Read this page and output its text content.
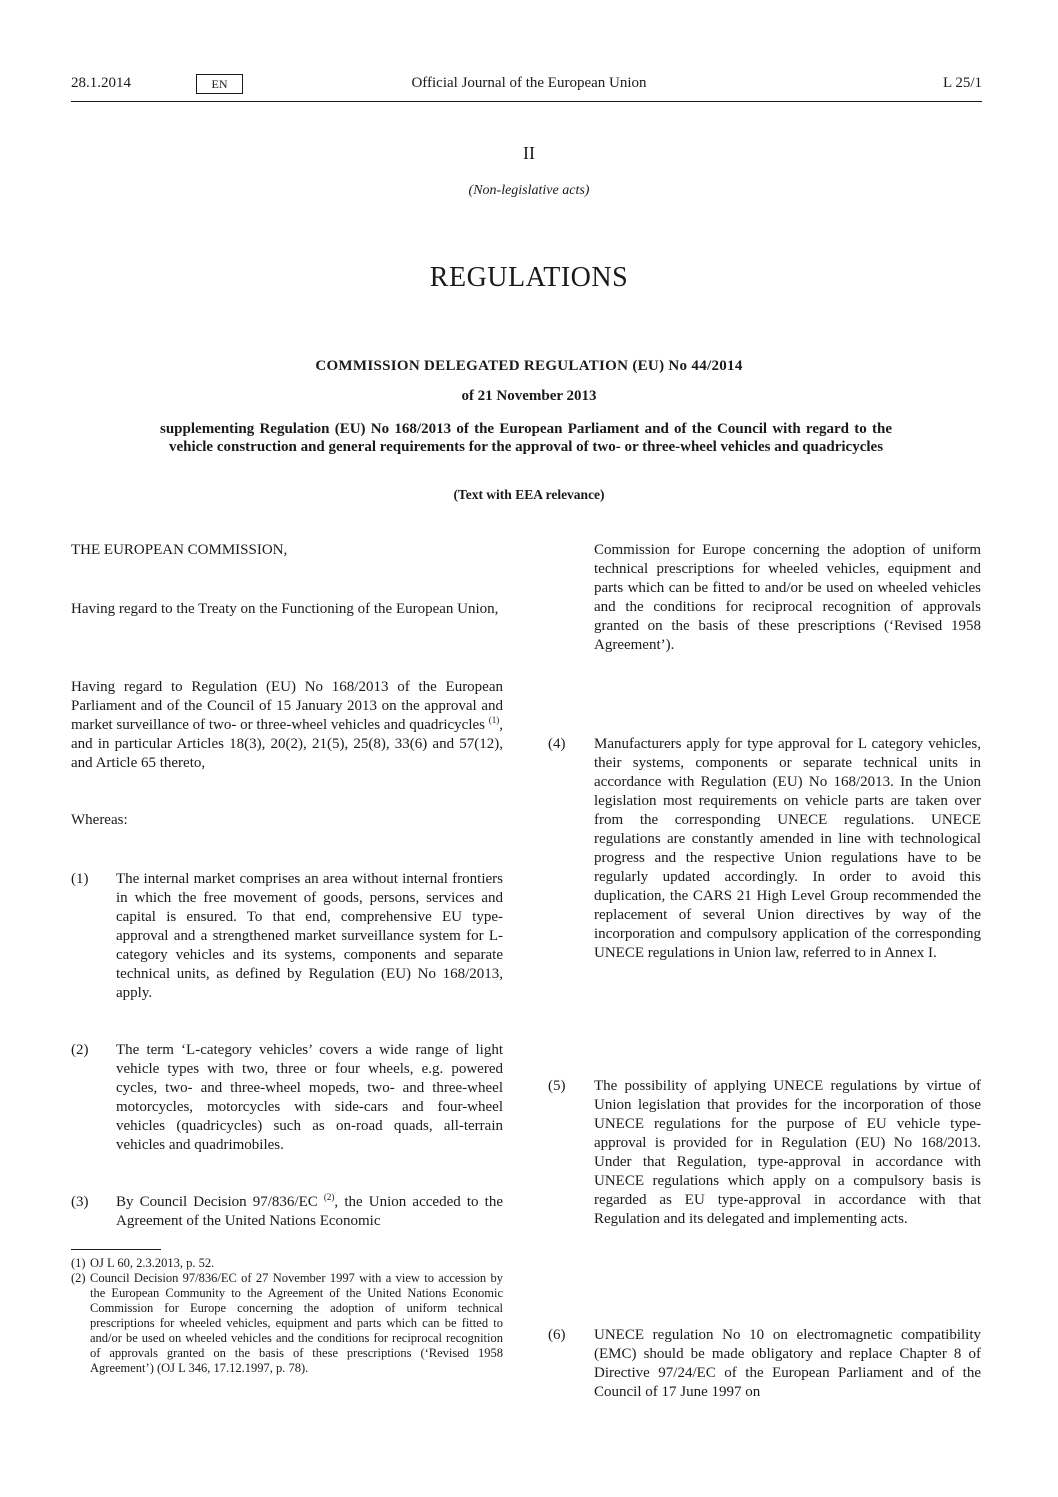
28.1.2014	EN	Official Journal of the European Union	L 25/1
II
(Non-legislative acts)
REGULATIONS
COMMISSION DELEGATED REGULATION (EU) No 44/2014
of 21 November 2013
supplementing Regulation (EU) No 168/2013 of the European Parliament and of the Council with regard to the vehicle construction and general requirements for the approval of two- or three-wheel vehicles and quadricycles
(Text with EEA relevance)
THE EUROPEAN COMMISSION,
Having regard to the Treaty on the Functioning of the European Union,
Having regard to Regulation (EU) No 168/2013 of the European Parliament and of the Council of 15 January 2013 on the approval and market surveillance of two- or three-wheel vehicles and quadricycles $^{(1)}$, and in particular Articles 18(3), 20(2), 21(5), 25(8), 33(6) and 57(12), and Article 65 thereto,
Whereas:
(1) The internal market comprises an area without internal frontiers in which the free movement of goods, persons, services and capital is ensured. To that end, comprehensive EU type-approval and a strengthened market surveillance system for L-category vehicles and its systems, components and separate technical units, as defined by Regulation (EU) No 168/2013, apply.
(2) The term ‘L-category vehicles’ covers a wide range of light vehicle types with two, three or four wheels, e.g. powered cycles, two- and three-wheel mopeds, two- and three-wheel motorcycles, motorcycles with side-cars and four-wheel vehicles (quadricycles) such as on-road quads, all-terrain vehicles and quadrimobiles.
(3) By Council Decision 97/836/EC $^{(2)}$, the Union acceded to the Agreement of the United Nations Economic
(1) OJ L 60, 2.3.2013, p. 52.
(2) Council Decision 97/836/EC of 27 November 1997 with a view to accession by the European Community to the Agreement of the United Nations Economic Commission for Europe concerning the adoption of uniform technical prescriptions for wheeled vehicles, equipment and parts which can be fitted to and/or be used on wheeled vehicles and the conditions for reciprocal recognition of approvals granted on the basis of these prescriptions (‘Revised 1958 Agreement’) (OJ L 346, 17.12.1997, p. 78).
Commission for Europe concerning the adoption of uniform technical prescriptions for wheeled vehicles, equipment and parts which can be fitted to and/or be used on wheeled vehicles and the conditions for reciprocal recognition of approvals granted on the basis of these prescriptions (‘Revised 1958 Agreement’).
(4) Manufacturers apply for type approval for L category vehicles, their systems, components or separate technical units in accordance with Regulation (EU) No 168/2013. In the Union legislation most requirements on vehicle parts are taken over from the corresponding UNECE regulations. UNECE regulations are constantly amended in line with technological progress and the respective Union regulations have to be regularly updated accordingly. In order to avoid this duplication, the CARS 21 High Level Group recommended the replacement of several Union directives by way of the incorporation and compulsory application of the corresponding UNECE regulations in Union law, referred to in Annex I.
(5) The possibility of applying UNECE regulations by virtue of Union legislation that provides for the incorporation of those UNECE regulations for the purpose of EU vehicle type-approval is provided for in Regulation (EU) No 168/2013. Under that Regulation, type-approval in accordance with UNECE regulations which apply on a compulsory basis is regarded as EU type-approval in accordance with that Regulation and its delegated and implementing acts.
(6) UNECE regulation No 10 on electromagnetic compatibility (EMC) should be made obligatory and replace Chapter 8 of Directive 97/24/EC of the European Parliament and of the Council of 17 June 1997 on
